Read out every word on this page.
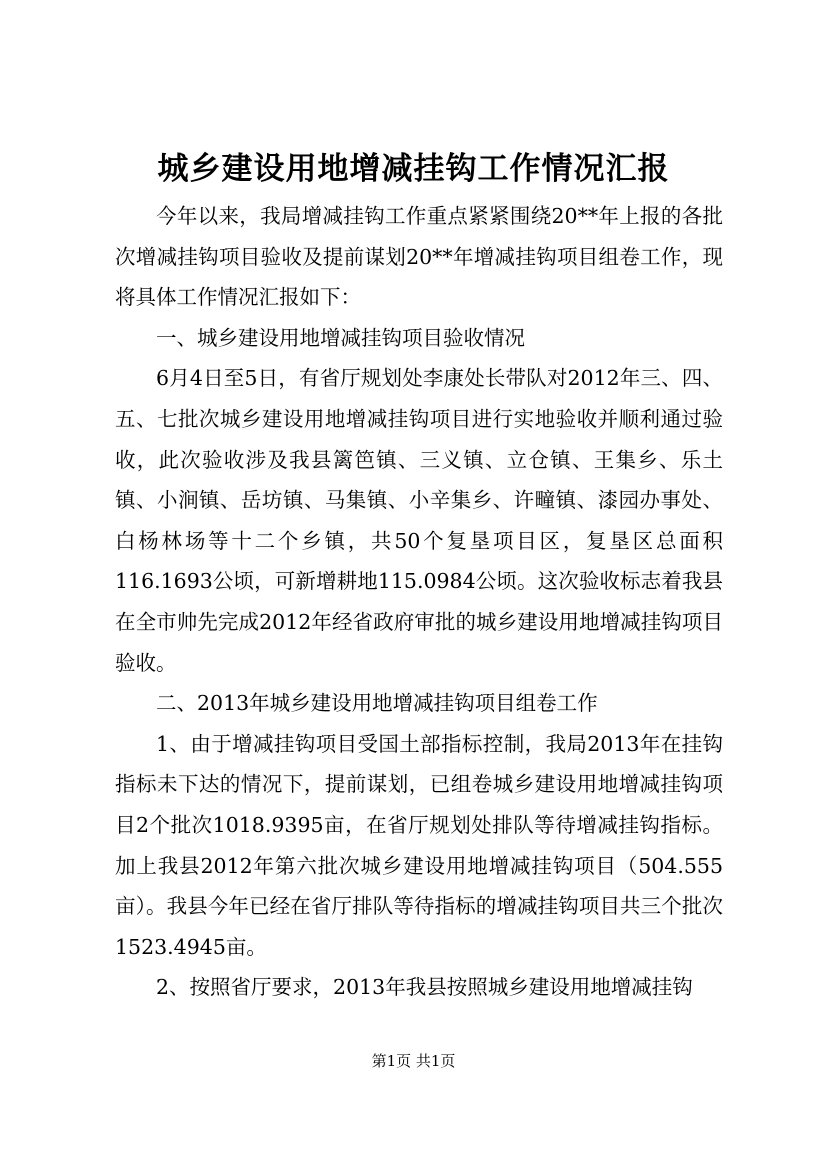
城乡建设用地增减挂钩工作情况汇报

今年以来，我局增减挂钩工作重点紧紧围绕20**年上报的各批次增减挂钩项目验收及提前谋划20**年增减挂钩项目组卷工作，现将具体工作情况汇报如下：

一、城乡建设用地增减挂钩项目验收情况

6月4日至5日，有省厅规划处李康处长带队对2012年三、四、五、七批次城乡建设用地增减挂钩项目进行实地验收并顺利通过验收，此次验收涉及我县篱笆镇、三义镇、立仓镇、王集乡、乐土镇、小涧镇、岳坊镇、马集镇、小辛集乡、许疃镇、漆园办事处、白杨林场等十二个乡镇，共50个复垦项目区，复垦区总面积116.1693公顷，可新增耕地115.0984公顷。这次验收标志着我县在全市帅先完成2012年经省政府审批的城乡建设用地增减挂钩项目验收。

二、2013年城乡建设用地增减挂钩项目组卷工作

1、由于增减挂钩项目受国土部指标控制，我局2013年在挂钩指标未下达的情况下，提前谋划，已组卷城乡建设用地增减挂钩项目2个批次1018.9395亩，在省厅规划处排队等待增减挂钩指标。加上我县2012年第六批次城乡建设用地增减挂钩项目（504.555亩）。我县今年已经在省厅排队等待指标的增减挂钩项目共三个批次1523.4945亩。

2、按照省厅要求，2013年我县按照城乡建设用地增减挂钩

第1页 共1页
